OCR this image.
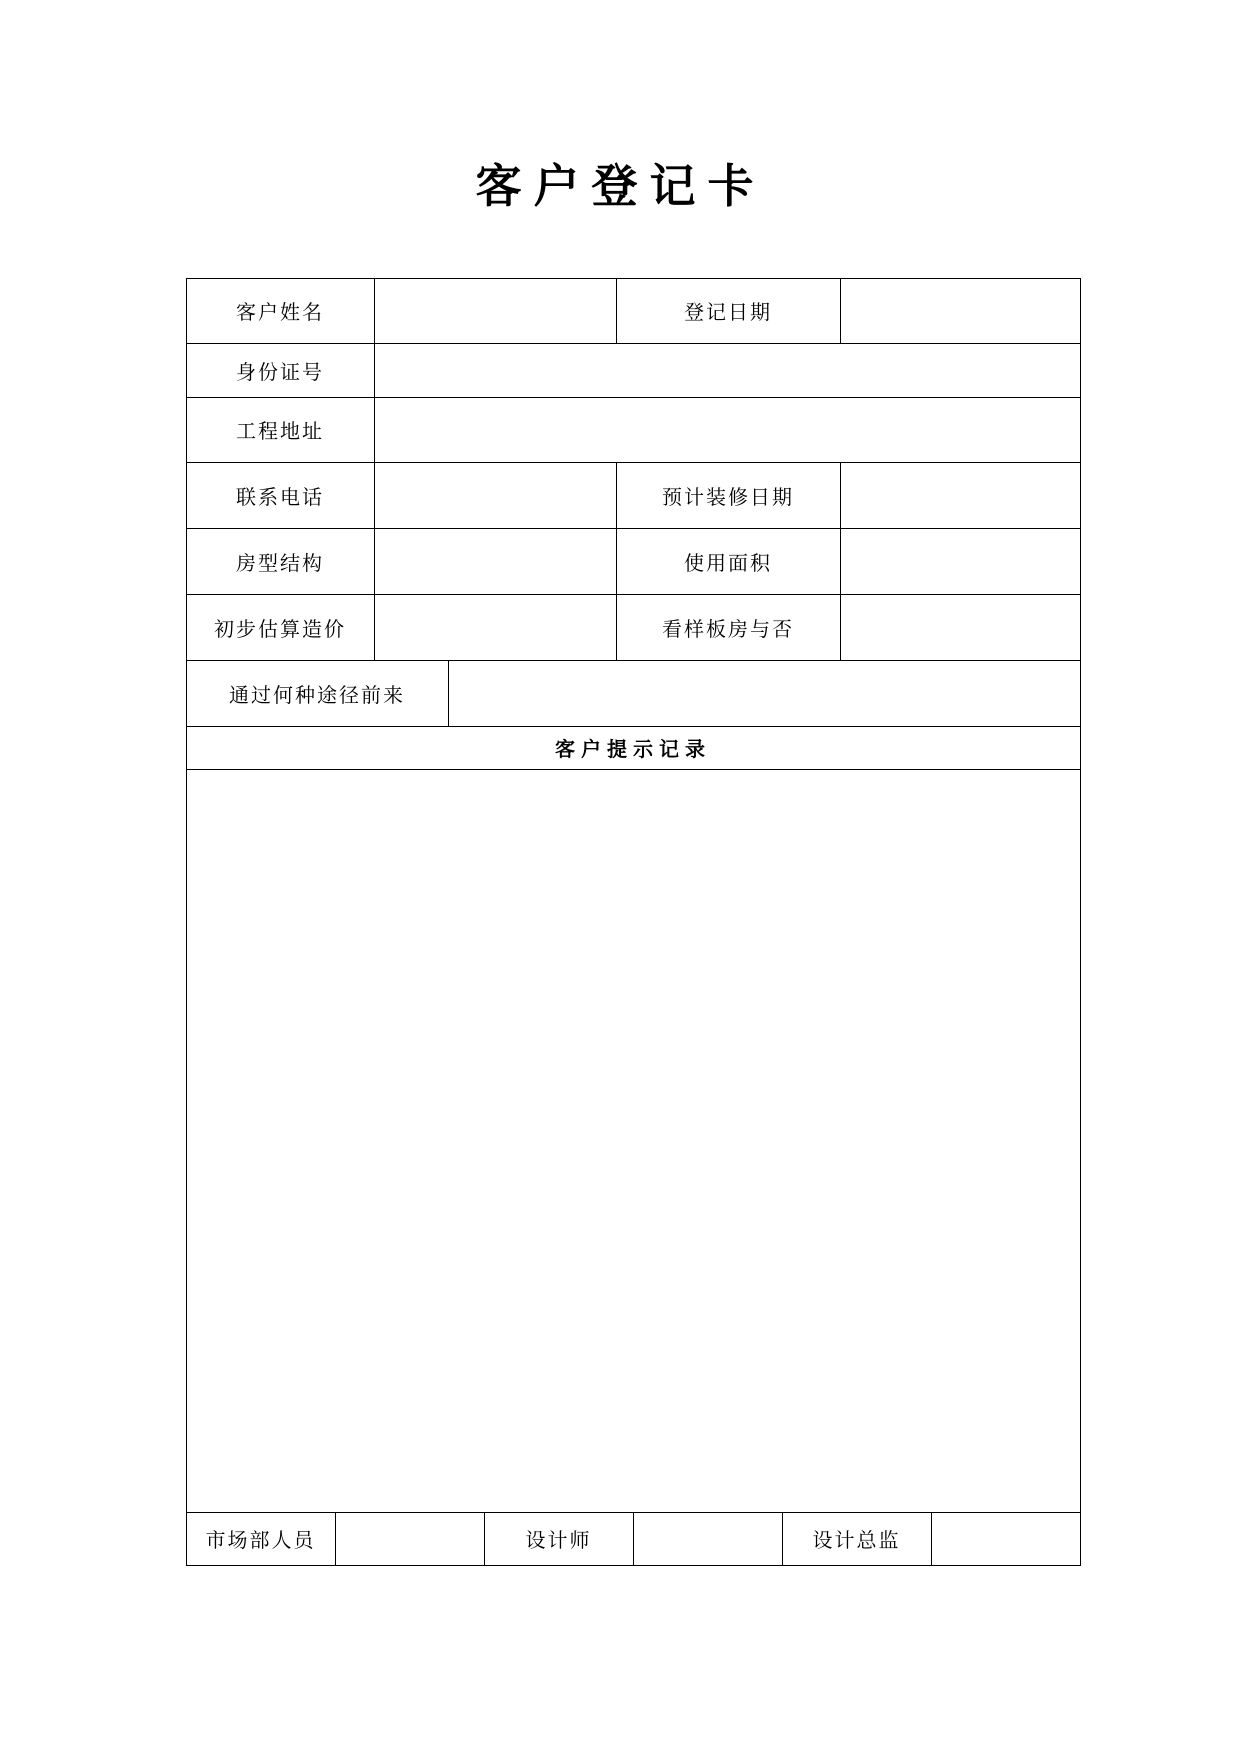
客户登记卡
客户姓名	登记日期
身份证号
工程地址
联系电话	预计装修日期
房型结构	使用面积
初步估算造价	看样板房与否
通过何种途径前来
客户提示记录
市场部人员	设计师	设计总监
